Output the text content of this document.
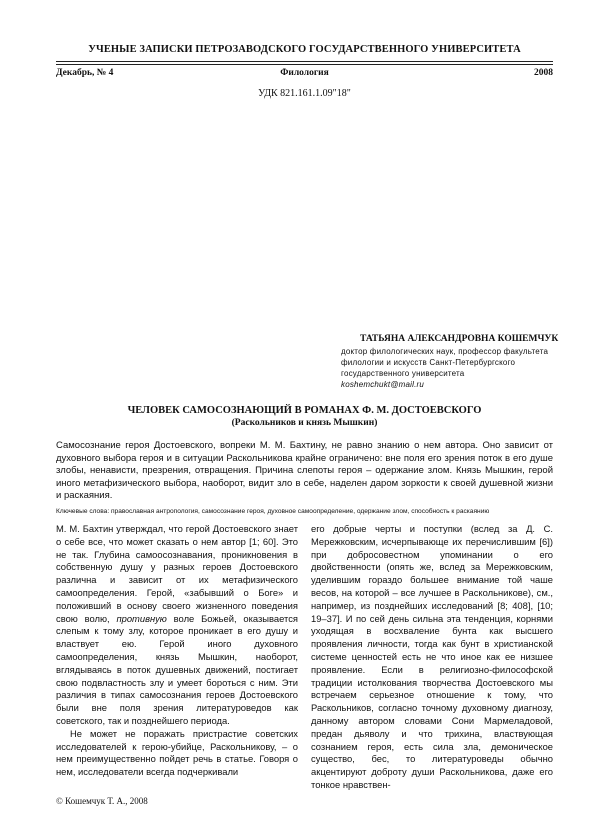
УЧЕНЫЕ ЗАПИСКИ ПЕТРОЗАВОДСКОГО ГОСУДАРСТВЕННОГО УНИВЕРСИТЕТА
Филология
Декабрь, № 4	2008
УДК 821.161.1.09"18"
ТАТЬЯНА АЛЕКСАНДРОВНА КОШЕМЧУК
доктор филологических наук, профессор факультета филологии и искусств Санкт-Петербургского государственного университета
koshemchukt@mail.ru
ЧЕЛОВЕК САМОСОЗНАЮЩИЙ В РОМАНАХ Ф. М. ДОСТОЕВСКОГО
(Раскольников и князь Мышкин)
Самосознание героя Достоевского, вопреки М. М. Бахтину, не равно знанию о нем автора. Оно зависит от духовного выбора героя и в ситуации Раскольникова крайне ограничено: вне поля его зрения поток в его душе злобы, ненависти, презрения, отвращения. Причина слепоты героя – одержание злом. Князь Мышкин, герой иного метафизического выбора, наоборот, видит зло в себе, наделен даром зоркости к своей душевной жизни и раскаяния.
Ключевые слова: православная антропология, самосознание героя, духовное самоопределение, одержание злом, способность к раскаянию

М. М. Бахтин утверждал, что герой Достоевского знает о себе все, что может сказать о нем автор [1; 60]. Это не так. Глубина самоосознавания, проникновения в собственную душу у разных героев Достоевского различна и зависит от их метафизического самоопределения. Герой, «забывший о Боге» и положивший в основу своего жизненного поведения свою волю, противную воле Божьей, оказывается слепым к тому злу, которое проникает в его душу и властвует ею. Герой иного духовного самоопределения, князь Мышкин, наоборот, вглядываясь в поток душевных движений, постигает свою подвластность злу и умеет бороться с ним. Эти различия в типах самосознания героев Достоевского были вне поля зрения литературоведов как советского, так и позднейшего периода.

Не может не поражать пристрастие советских исследователей к герою-убийце, Раскольникову, – о нем преимущественно пойдет речь в статье. Говоря о нем, исследователи всегда подчеркивали

его добрые черты и поступки (вслед за Д. С. Мережковским, исчерпывающе их перечислившим [6]) при добросовестном упоминании о его двойственности (опять же, вслед за Мережковским, уделившим гораздо большее внимание той чаше весов, на которой – все лучшее в Раскольникове), см., например, из позднейших исследований [8; 408], [10; 19–37]. И по сей день сильна эта тенденция, корнями уходящая в восхваление бунта как высшего проявления личности, тогда как бунт в христианской системе ценностей есть не что иное как ее низшее проявление. Если в религиозно-философской традиции истолкования творчества Достоевского мы встречаем серьезное отношение к тому, что Раскольников, согласно точному духовному диагнозу, данному автором словами Сони Мармеладовой, предан дьяволу и что трихина, властвующая сознанием героя, есть сила зла, демоническое существо, бес, то литературоведы обычно акцентируют доброту души Раскольникова, даже его тонкое нравствен-

© Кошемчук Т. А., 2008
